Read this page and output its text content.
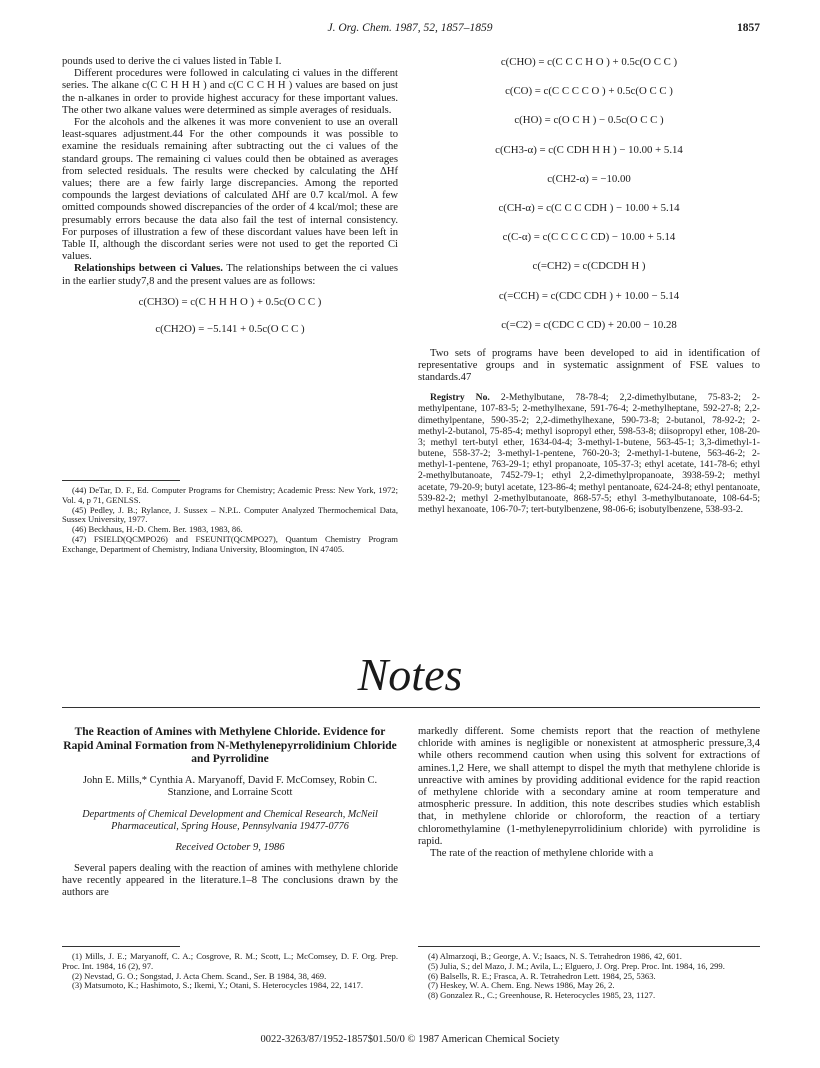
J. Org. Chem. 1987, 52, 1857–1859	1857

pounds used to derive the ci values listed in Table I.

Different procedures were followed in calculating ci values in the different series. The alkane c(C C H H H ) and c(C C C H H ) values are based on just the n-alkanes in order to provide highest accuracy for these important values. The other two alkane values were determined as simple averages of residuals.

For the alcohols and the alkenes it was more convenient to use an overall least-squares adjustment.44 For the other compounds it was possible to examine the residuals remaining after subtracting out the ci values of the standard groups. The remaining ci values could then be obtained as averages from selected residuals. The results were checked by calculating the ΔHf values; there are a few fairly large discrepancies. Among the reported compounds the largest deviations of calculated ΔHf are 0.7 kcal/mol. A few omitted compounds showed discrepancies of the order of 4 kcal/mol; these are presumably errors because the data also fail the test of internal consistency. For purposes of illustration a few of these discordant values have been left in Table II, although the discordant series were not used to get the reported Ci values.

Relationships between ci Values. The relationships between the ci values in the earlier study7,8 and the present values are as follows:

c(CH3O) = c(C H H H O ) + 0.5c(O C C )
c(CH2O) = −5.141 + 0.5c(O C C )

(44) DeTar, D. F., Ed. Computer Programs for Chemistry; Academic Press: New York, 1972; Vol. 4, p 71, GENLSS.

(45) Pedley, J. B.; Rylance, J. Sussex – N.P.L. Computer Analyzed Thermochemical Data, Sussex University, 1977.

(46) Beckhaus, H.-D. Chem. Ber. 1983, 1983, 86.

(47) FSIELD(QCMPO26) and FSEUNIT(QCMPO27), Quantum Chemistry Program Exchange, Department of Chemistry, Indiana University, Bloomington, IN 47405.

c(CHO) = c(C C C H O ) + 0.5c(O C C )
c(CO) = c(C C C C O ) + 0.5c(O C C )
c(HO) = c(O C H ) − 0.5c(O C C )
c(CH3-α) = c(C CDH H H ) − 10.00 + 5.14
c(CH2-α) = −10.00
c(CH-α) = c(C C C CDH ) − 10.00 + 5.14
c(C-α) = c(C C C C CD) − 10.00 + 5.14
c(=CH2) = c(CDCDH H )
c(=CCH) = c(CDC CDH ) + 10.00 − 5.14
c(=C2) = c(CDC C CD) + 20.00 − 10.28

Two sets of programs have been developed to aid in identification of representative groups and in systematic assignment of FSE values to standards.47

Registry No. 2-Methylbutane, 78-78-4; 2,2-dimethylbutane, 75-83-2; 2-methylpentane, 107-83-5; 2-methylhexane, 591-76-4; 2-methylheptane, 592-27-8; 2,2-dimethylpentane, 590-35-2; 2,2-dimethylhexane, 590-73-8; 2-butanol, 78-92-2; 2-methyl-2-butanol, 75-85-4; methyl isopropyl ether, 598-53-8; diisopropyl ether, 108-20-3; methyl tert-butyl ether, 1634-04-4; 3-methyl-1-butene, 563-45-1; 3,3-dimethyl-1-butene, 558-37-2; 3-methyl-1-pentene, 760-20-3; 2-methyl-1-butene, 563-46-2; 2-methyl-1-pentene, 763-29-1; ethyl propanoate, 105-37-3; ethyl acetate, 141-78-6; ethyl 2-methylbutanoate, 7452-79-1; ethyl 2,2-dimethylpropanoate, 3938-59-2; methyl acetate, 79-20-9; butyl acetate, 123-86-4; methyl pentanoate, 624-24-8; ethyl pentanoate, 539-82-2; methyl 2-methylbutanoate, 868-57-5; ethyl 3-methylbutanoate, 108-64-5; methyl hexanoate, 106-70-7; tert-butylbenzene, 98-06-6; isobutylbenzene, 538-93-2.
Notes
The Reaction of Amines with Methylene Chloride. Evidence for Rapid Aminal Formation from N-Methylenepyrrolidinium Chloride and Pyrrolidine
John E. Mills,* Cynthia A. Maryanoff, David F. McComsey, Robin C. Stanzione, and Lorraine Scott
Departments of Chemical Development and Chemical Research, McNeil Pharmaceutical, Spring House, Pennsylvania 19477-0776
Received October 9, 1986

Several papers dealing with the reaction of amines with methylene chloride have recently appeared in the literature.1–8 The conclusions drawn by the authors are

(1) Mills, J. E.; Maryanoff, C. A.; Cosgrove, R. M.; Scott, L.; McComsey, D. F. Org. Prep. Proc. Int. 1984, 16 (2), 97.

(2) Nevstad, G. O.; Songstad, J. Acta Chem. Scand., Ser. B 1984, 38, 469.

(3) Matsumoto, K.; Hashimoto, S.; Ikemi, Y.; Otani, S. Heterocycles 1984, 22, 1417.

markedly different. Some chemists report that the reaction of methylene chloride with amines is negligible or nonexistent at atmospheric pressure,3,4 while others recommend caution when using this solvent for extractions of amines.1,2 Here, we shall attempt to dispel the myth that methylene chloride is unreactive with amines by providing additional evidence for the rapid reaction of methylene chloride with a secondary amine at room temperature and atmospheric pressure. In addition, this note describes studies which establish that, in methylene chloride or chloroform, the reaction of a tertiary chloromethylamine (1-methylenepyrrolidinium chloride) with pyrrolidine is rapid.

The rate of the reaction of methylene chloride with a

(4) Almarzoqi, B.; George, A. V.; Isaacs, N. S. Tetrahedron 1986, 42, 601.

(5) Julia, S.; del Mazo, J. M.; Avila, L.; Elguero, J. Org. Prep. Proc. Int. 1984, 16, 299.

(6) Balsells, R. E.; Frasca, A. R. Tetrahedron Lett. 1984, 25, 5363.

(7) Heskey, W. A. Chem. Eng. News 1986, May 26, 2.

(8) Gonzalez R., C.; Greenhouse, R. Heterocycles 1985, 23, 1127.

0022-3263/87/1952-1857$01.50/0 © 1987 American Chemical Society
